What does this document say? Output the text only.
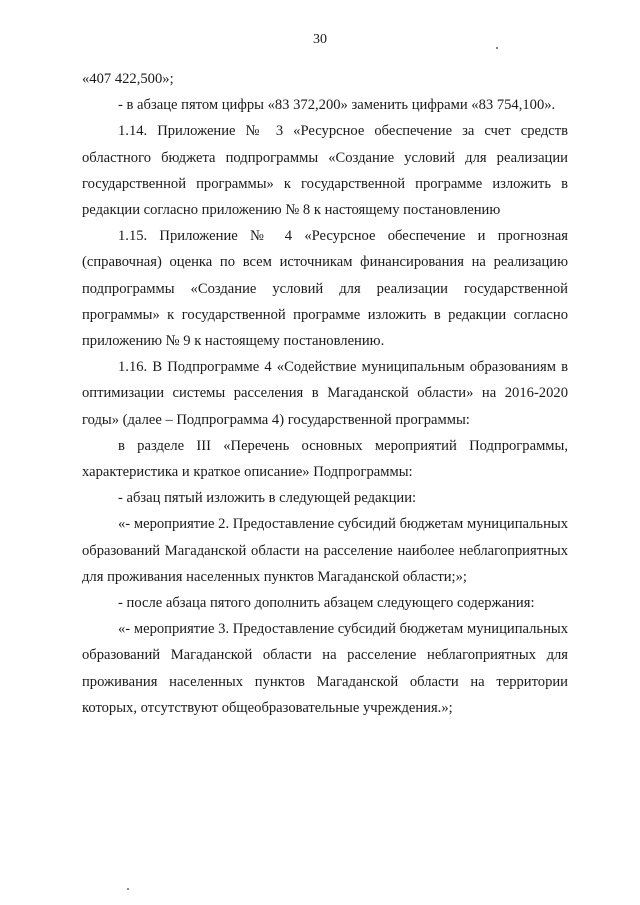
30

«407 422,500»;

- в абзаце пятом цифры «83 372,200» заменить цифрами «83 754,100».

1.14. Приложение № 3 «Ресурсное обеспечение за счет средств областного бюджета подпрограммы «Создание условий для реализации государственной программы» к государственной программе изложить в редакции согласно приложению № 8 к настоящему постановлению

1.15. Приложение № 4 «Ресурсное обеспечение и прогнозная (справочная) оценка по всем источникам финансирования на реализацию подпрограммы «Создание условий для реализации государственной программы» к государственной программе изложить в редакции согласно приложению № 9 к настоящему постановлению.

1.16. В Подпрограмме 4 «Содействие муниципальным образованиям в оптимизации системы расселения в Магаданской области» на 2016-2020 годы» (далее – Подпрограмма 4) государственной программы:

в разделе III «Перечень основных мероприятий Подпрограммы, характеристика и краткое описание» Подпрограммы:

- абзац пятый изложить в следующей редакции:

«- мероприятие 2. Предоставление субсидий бюджетам муниципальных образований Магаданской области на расселение наиболее неблагоприятных для проживания населенных пунктов Магаданской области;»;

- после абзаца пятого дополнить абзацем следующего содержания:

«- мероприятие 3. Предоставление субсидий бюджетам муниципальных образований Магаданской области на расселение неблагоприятных для проживания населенных пунктов Магаданской области на территории которых, отсутствуют общеобразовательные учреждения.»;
